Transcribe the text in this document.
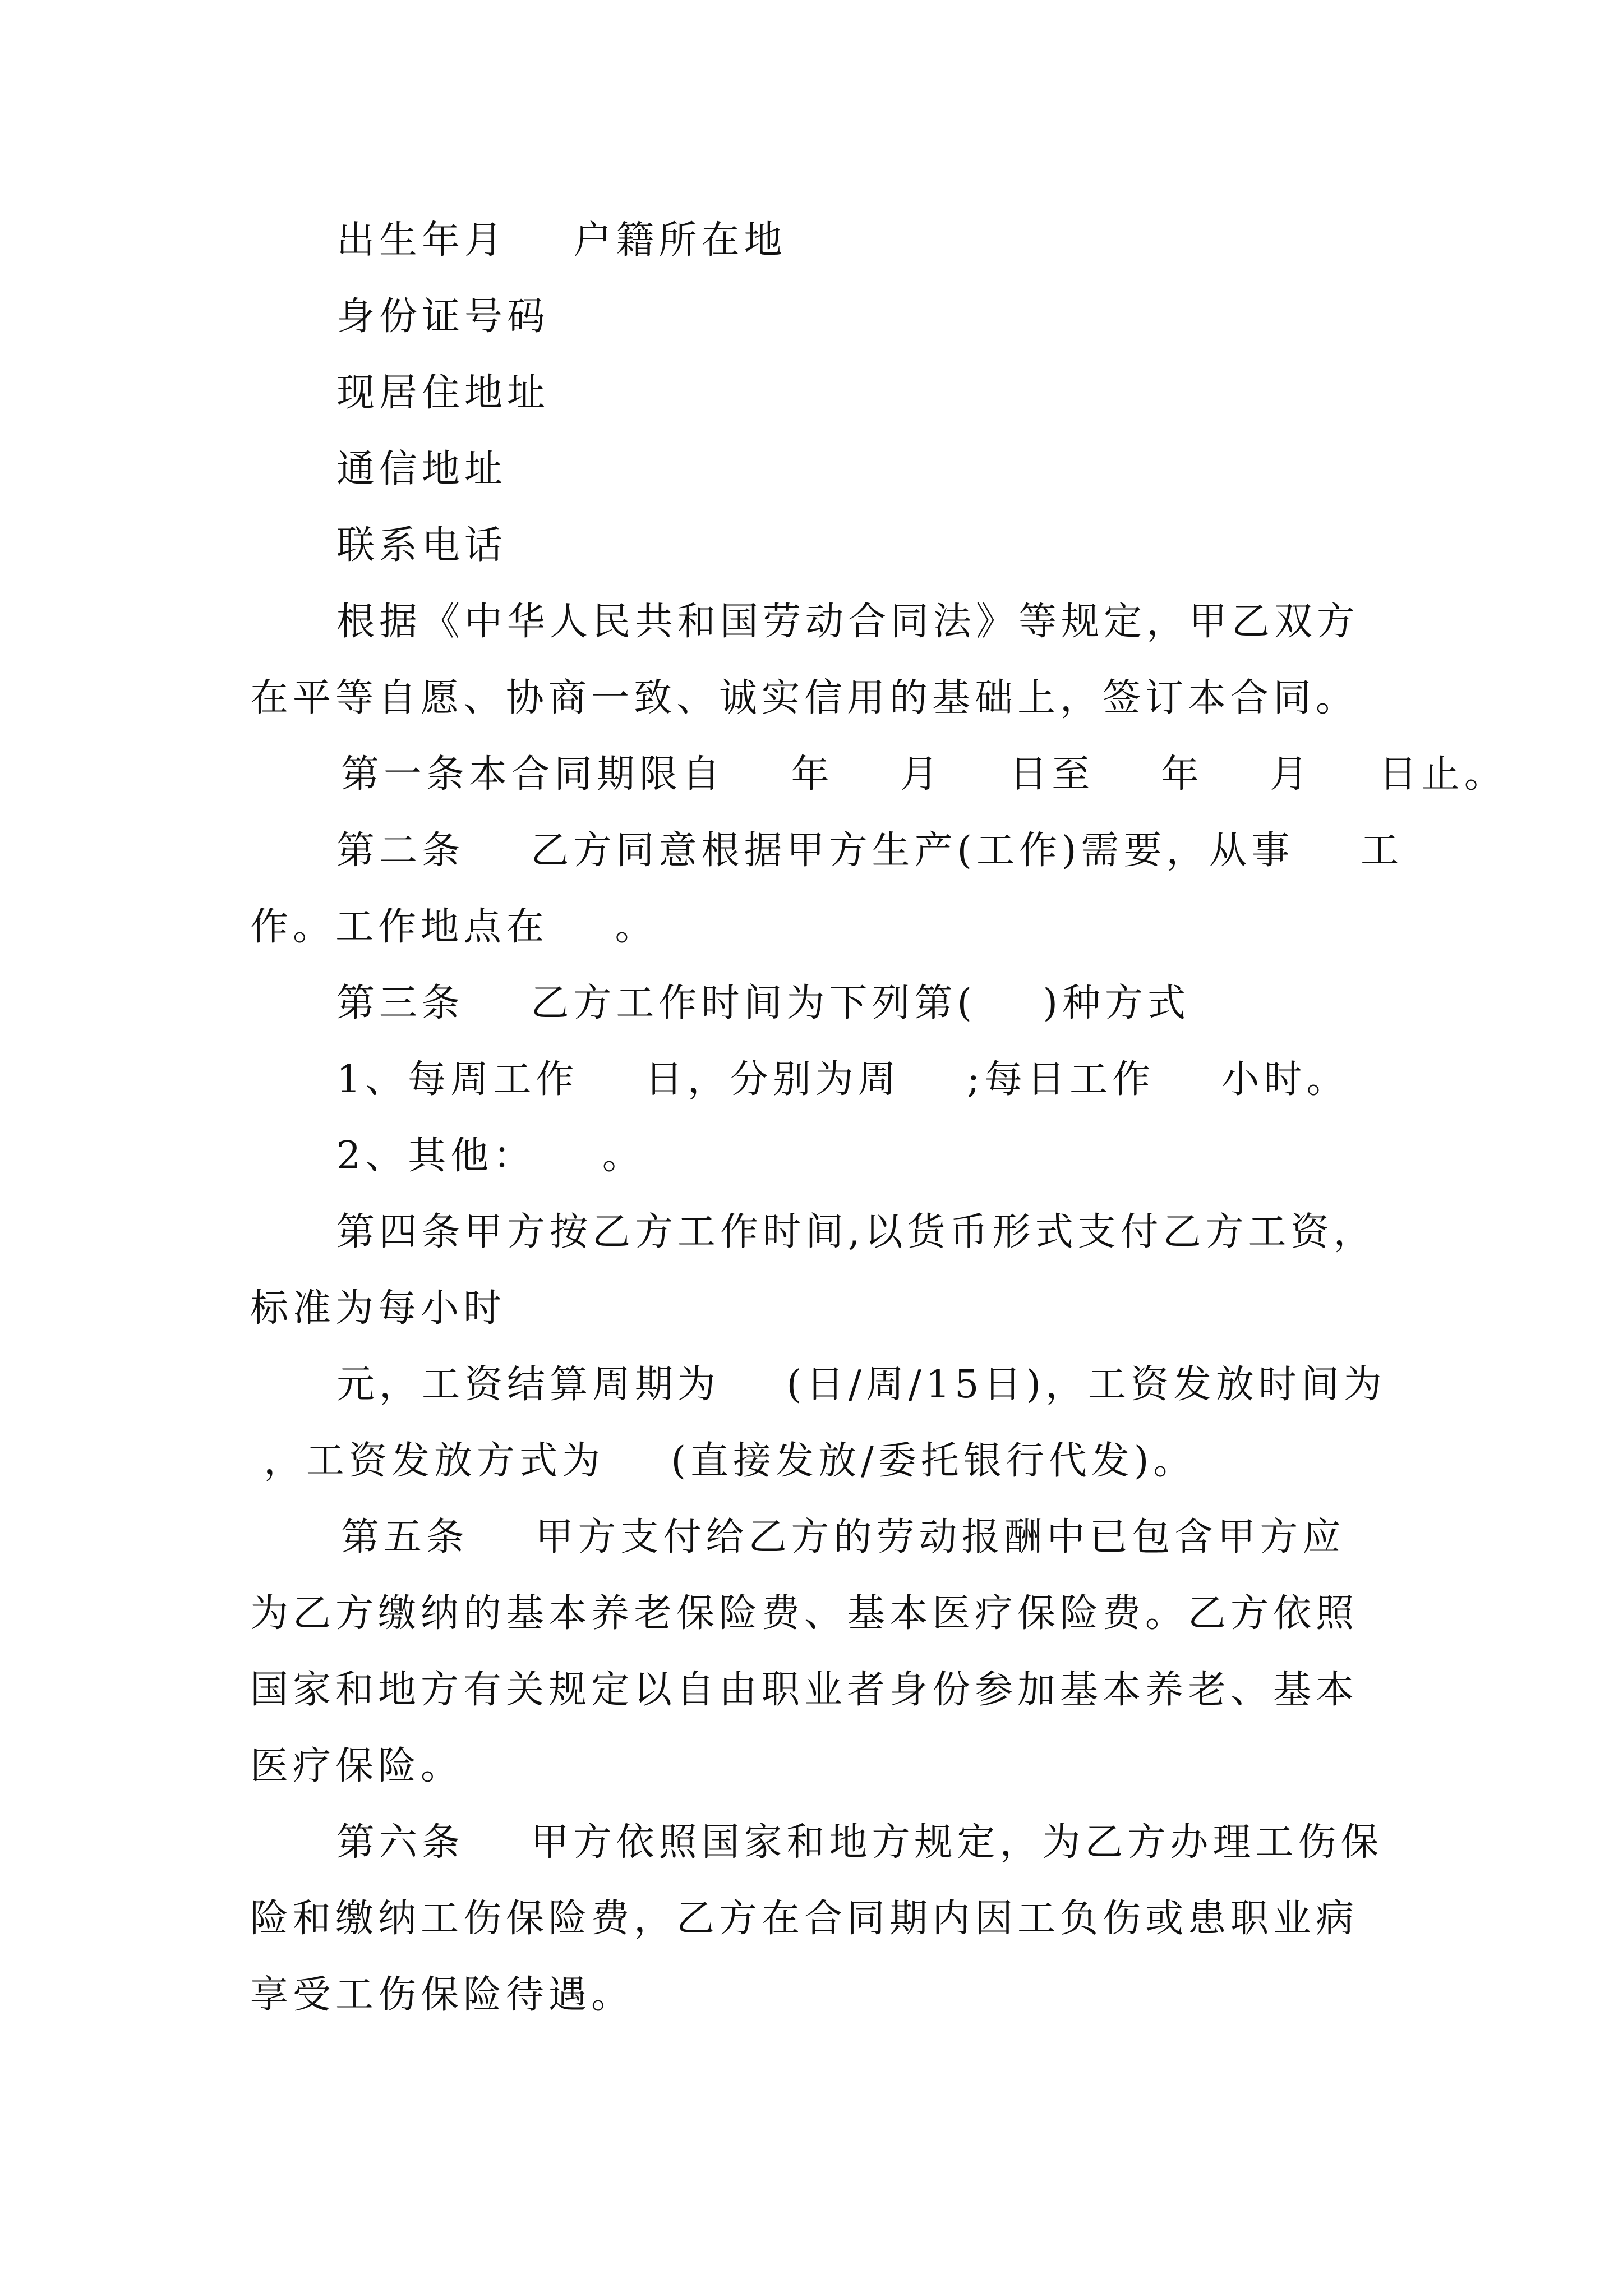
出生年月    户籍所在地

身份证号码

现居住地址

通信地址

联系电话

根据《中华人民共和国劳动合同法》等规定，甲乙双方

在平等自愿、协商一致、诚实信用的基础上，签订本合同。

第一条本合同期限自    年    月    日至    年    月    日止。

第二条    乙方同意根据甲方生产(工作)需要，从事    工

作。工作地点在    。

第三条    乙方工作时间为下列第(    )种方式

1、每周工作    日，分别为周    ;每日工作    小时。

2、其他：    。

第四条甲方按乙方工作时间,以货币形式支付乙方工资，

标准为每小时

元，工资结算周期为    (日/周/15日)，工资发放时间为

，工资发放方式为    (直接发放/委托银行代发)。

第五条    甲方支付给乙方的劳动报酬中已包含甲方应

为乙方缴纳的基本养老保险费、基本医疗保险费。乙方依照

国家和地方有关规定以自由职业者身份参加基本养老、基本

医疗保险。

第六条    甲方依照国家和地方规定，为乙方办理工伤保

险和缴纳工伤保险费，乙方在合同期内因工负伤或患职业病

享受工伤保险待遇。
